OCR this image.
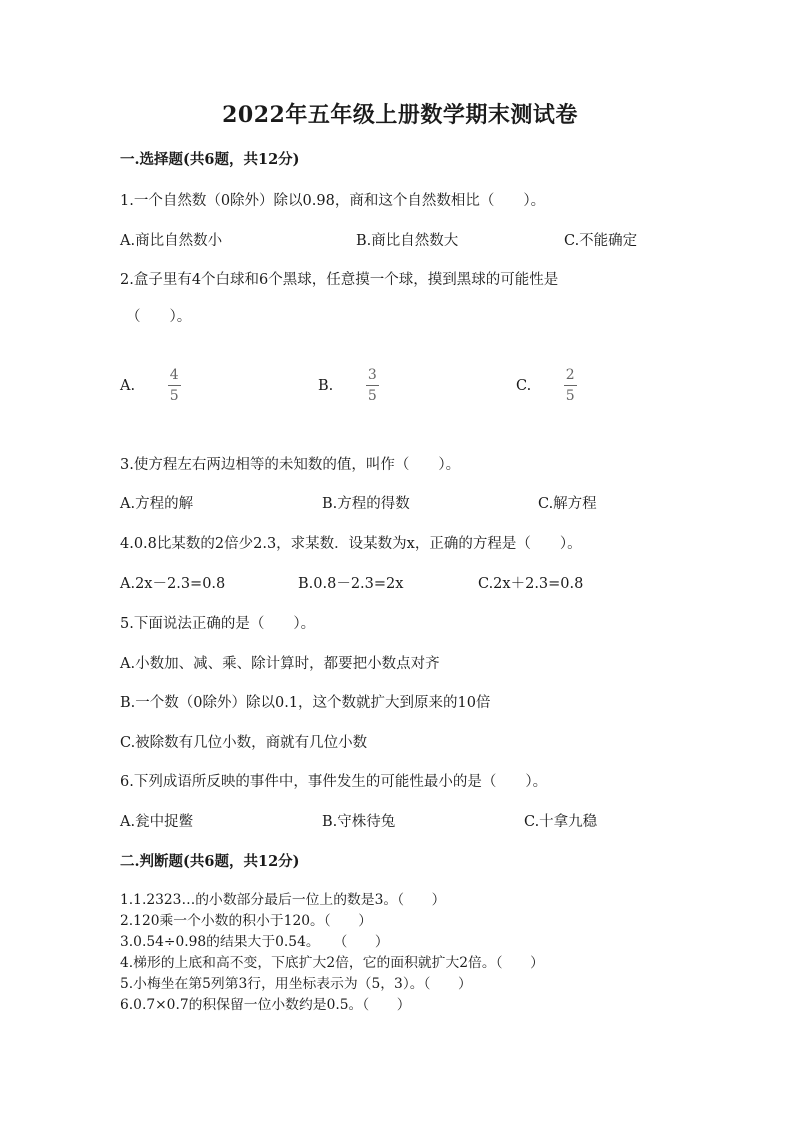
2022年五年级上册数学期末测试卷
一.选择题(共6题，共12分)
1.一个自然数（0除外）除以0.98，商和这个自然数相比（　　）。
A.商比自然数小	B.商比自然数大	C.不能确定
2.盒子里有4个白球和6个黑球，任意摸一个球，摸到黑球的可能性是
（　　）。
A. $\frac{4}{5}$	B. $\frac{3}{5}$	C. $\frac{2}{5}$
3.使方程左右两边相等的未知数的值，叫作（　　）。
A.方程的解	B.方程的得数	C.解方程
4.0.8比某数的2倍少2.3，求某数．设某数为x，正确的方程是（　　）。
A.2x－2.3=0.8	B.0.8－2.3=2x	C.2x＋2.3=0.8
5.下面说法正确的是（　　）。
A.小数加、减、乘、除计算时，都要把小数点对齐
B.一个数（0除外）除以0.1，这个数就扩大到原来的10倍
C.被除数有几位小数，商就有几位小数
6.下列成语所反映的事件中，事件发生的可能性最小的是（　　）。
A.瓮中捉鳖	B.守株待兔	C.十拿九稳
二.判断题(共6题，共12分)
1.1.2323…的小数部分最后一位上的数是3。（　　）
2.120乘一个小数的积小于120。（　　）
3.0.54÷0.98的结果大于0.54。　　（　　）
4.梯形的上底和高不变，下底扩大2倍，它的面积就扩大2倍。（　　）
5.小梅坐在第5列第3行，用坐标表示为（5，3）。（　　）
6.0.7×0.7的积保留一位小数约是0.5。（　　）
